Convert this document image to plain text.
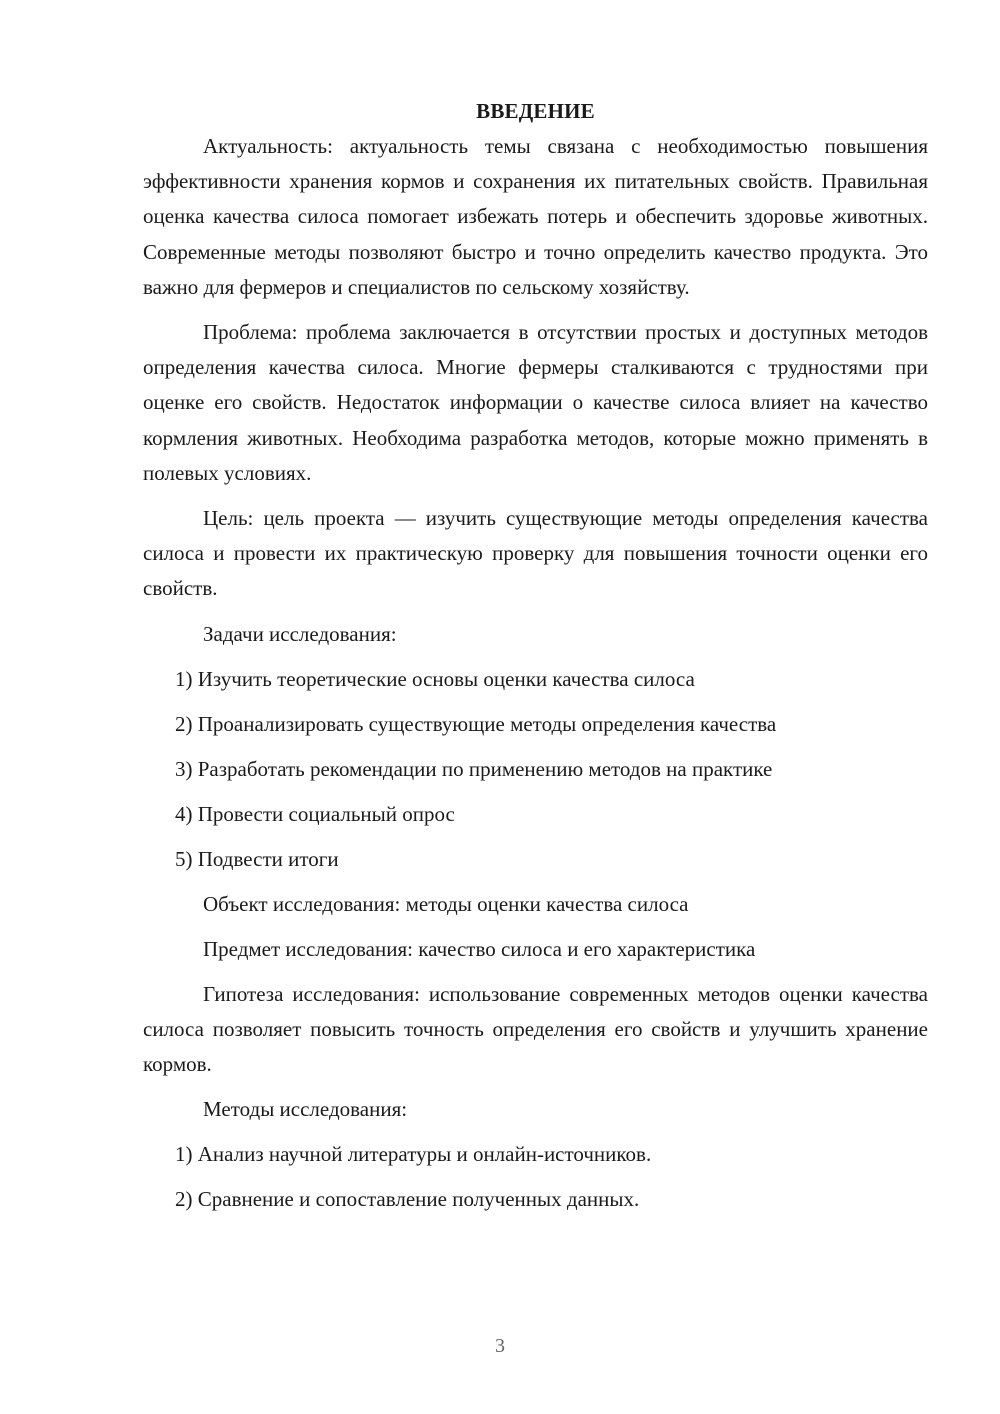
ВВЕДЕНИЕ

Актуальность: актуальность темы связана с необходимостью повышения эффективности хранения кормов и сохранения их питательных свойств. Правильная оценка качества силоса помогает избежать потерь и обеспечить здоровье животных. Современные методы позволяют быстро и точно определить качество продукта. Это важно для фермеров и специалистов по сельскому хозяйству.

Проблема: проблема заключается в отсутствии простых и доступных методов определения качества силоса. Многие фермеры сталкиваются с трудностями при оценке его свойств. Недостаток информации о качестве силоса влияет на качество кормления животных. Необходима разработка методов, которые можно применять в полевых условиях.

Цель: цель проекта — изучить существующие методы определения качества силоса и провести их практическую проверку для повышения точности оценки его свойств.

Задачи исследования:
1) Изучить теоретические основы оценки качества силоса
2) Проанализировать существующие методы определения качества
3) Разработать рекомендации по применению методов на практике
4) Провести социальный опрос
5) Подвести итоги
Объект исследования: методы оценки качества силоса
Предмет исследования: качество силоса и его характеристика

Гипотеза исследования: использование современных методов оценки качества силоса позволяет повысить точность определения его свойств и улучшить хранение кормов.

Методы исследования:
1) Анализ научной литературы и онлайн-источников.
2) Сравнение и сопоставление полученных данных.
3
